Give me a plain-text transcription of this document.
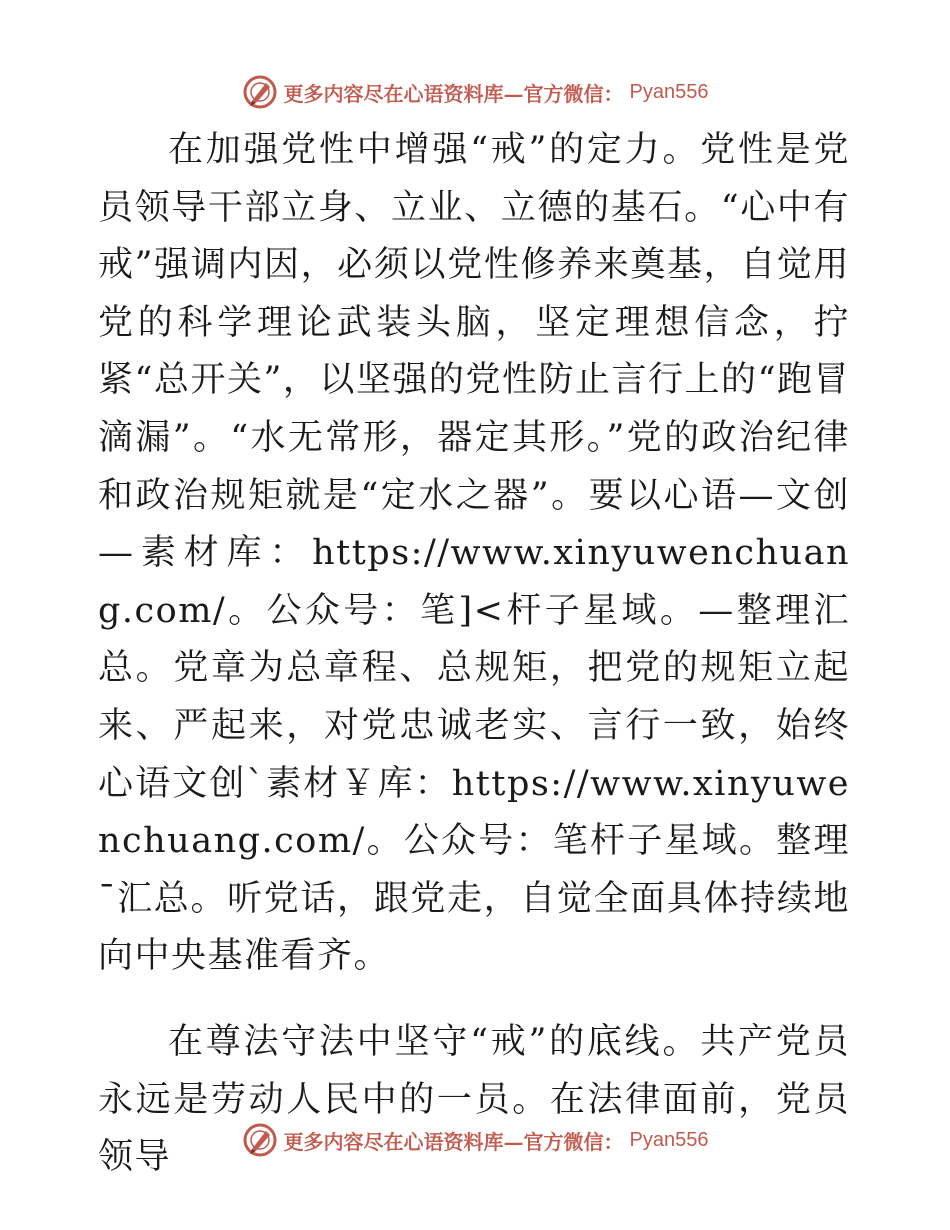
更多内容尽在心语资料库—官方微信： Pyan556

在加强党性中增强“戒”的定力。党性是党员领导干部立身、立业、立德的基石。“心中有戒”强调内因，必须以党性修养来奠基，自觉用党的科学理论武装头脑，坚定理想信念，拧紧“总开关”，以坚强的党性防止言行上的“跑冒滴漏”。“水无常形，器定其形。”党的政治纪律和政治规矩就是“定水之器”。要以心语—文创—素材库：https://www.xinyuwenchuang.com/。公众号：笔]<杆子星域。—整理汇总。党章为总章程、总规矩，把党的规矩立起来、严起来，对党忠诚老实、言行一致，始终心语文创`素材￥库：https://www.xinyuwenchuang.com/。公众号：笔杆子星域。整理¯汇总。听党话，跟党走，自觉全面具体持续地向中央基准看齐。

在尊法守法中坚守“戒”的底线。共产党员永远是劳动人民中的一员。在法律面前，党员领导	更多内容尽在心语资料库—官方微信： Pyan556
